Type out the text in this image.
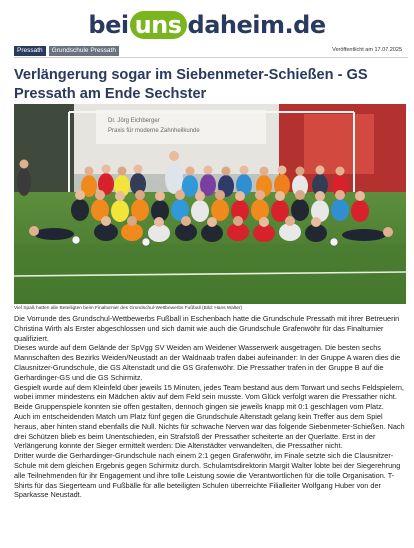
bei uns daheim.de
Pressath	Grundschule Pressath	Veröffentlicht am 17.07.2025
Verlängerung sogar im Siebenmeter-Schießen - GS Pressath am Ende Sechster
Dr. Jörg Eichberger
Praxis für moderne Zahnheilkunde
Viel Spaß hatten alle Beteiligten beim Finalturnier des Grundschul-Wettbewerbs Fußball (Bild: Hans Walter)

Die Vorrunde des Grundschul-Wettbewerbs Fußball in Eschenbach hatte die Grundschule Pressath mit ihrer Betreuerin Christina Wirth als Erster abgeschlossen und sich damit wie auch die Grundschule Grafenwöhr für das Finalturnier qualifiziert.

Dieses wurde auf dem Gelände der SpVgg SV Weiden am Weidener Wasserwerk ausgetragen. Die besten sechs Mannschaften des Bezirks Weiden/Neustadt an der Waldnaab trafen dabei aufeinander: In der Gruppe A waren dies die Clausnitzer-Grundschule, die GS Altenstadt und die GS Grafenwöhr. Die Pressather trafen in der Gruppe B auf die Gerhardinger-GS und die GS Schirmitz.

Gespielt wurde auf dem Kleinfeld über jeweils 15 Minuten, jedes Team bestand aus dem Torwart und sechs Feldspielern, wobei immer mindestens ein Mädchen aktiv auf dem Feld sein musste. Vom Glück verfolgt waren die Pressather nicht. Beide Gruppenspiele konnten sie offen gestalten, dennoch gingen sie jeweils knapp mit 0:1 geschlagen vom Platz.

Auch im entscheidenden Match um Platz fünf gegen die Grundschule Altenstadt gelang kein Treffer aus dem Spiel heraus, aber hinten stand ebenfalls die Null. Nichts für schwache Nerven war das folgende Siebenmeter-Schießen. Nach drei Schützen blieb es beim Unentschieden, ein Strafstoß der Pressather scheiterte an der Querlatte. Erst in der Verlängerung konnte der Sieger ermittelt werden: Die Altenstädter verwandelten, die Pressather nicht.

Dritter wurde die Gerhardinger-Grundschule nach einem 2:1 gegen Grafenwöhr, im Finale setzte sich die Clausnitzer-Schule mit dem gleichen Ergebnis gegen Schirmitz durch. Schulamtsdirektorin Margit Walter lobte bei der Siegerehrung alle Teilnehmenden für ihr Engagement und ihre tolle Leistung sowie die Verantwortlichen für die tolle Organisation. T-Shirts für das Siegerteam und Fußbälle für alle beteiligten Schulen überreichte Filialleiter Wolfgang Huber von der Sparkasse Neustadt.
